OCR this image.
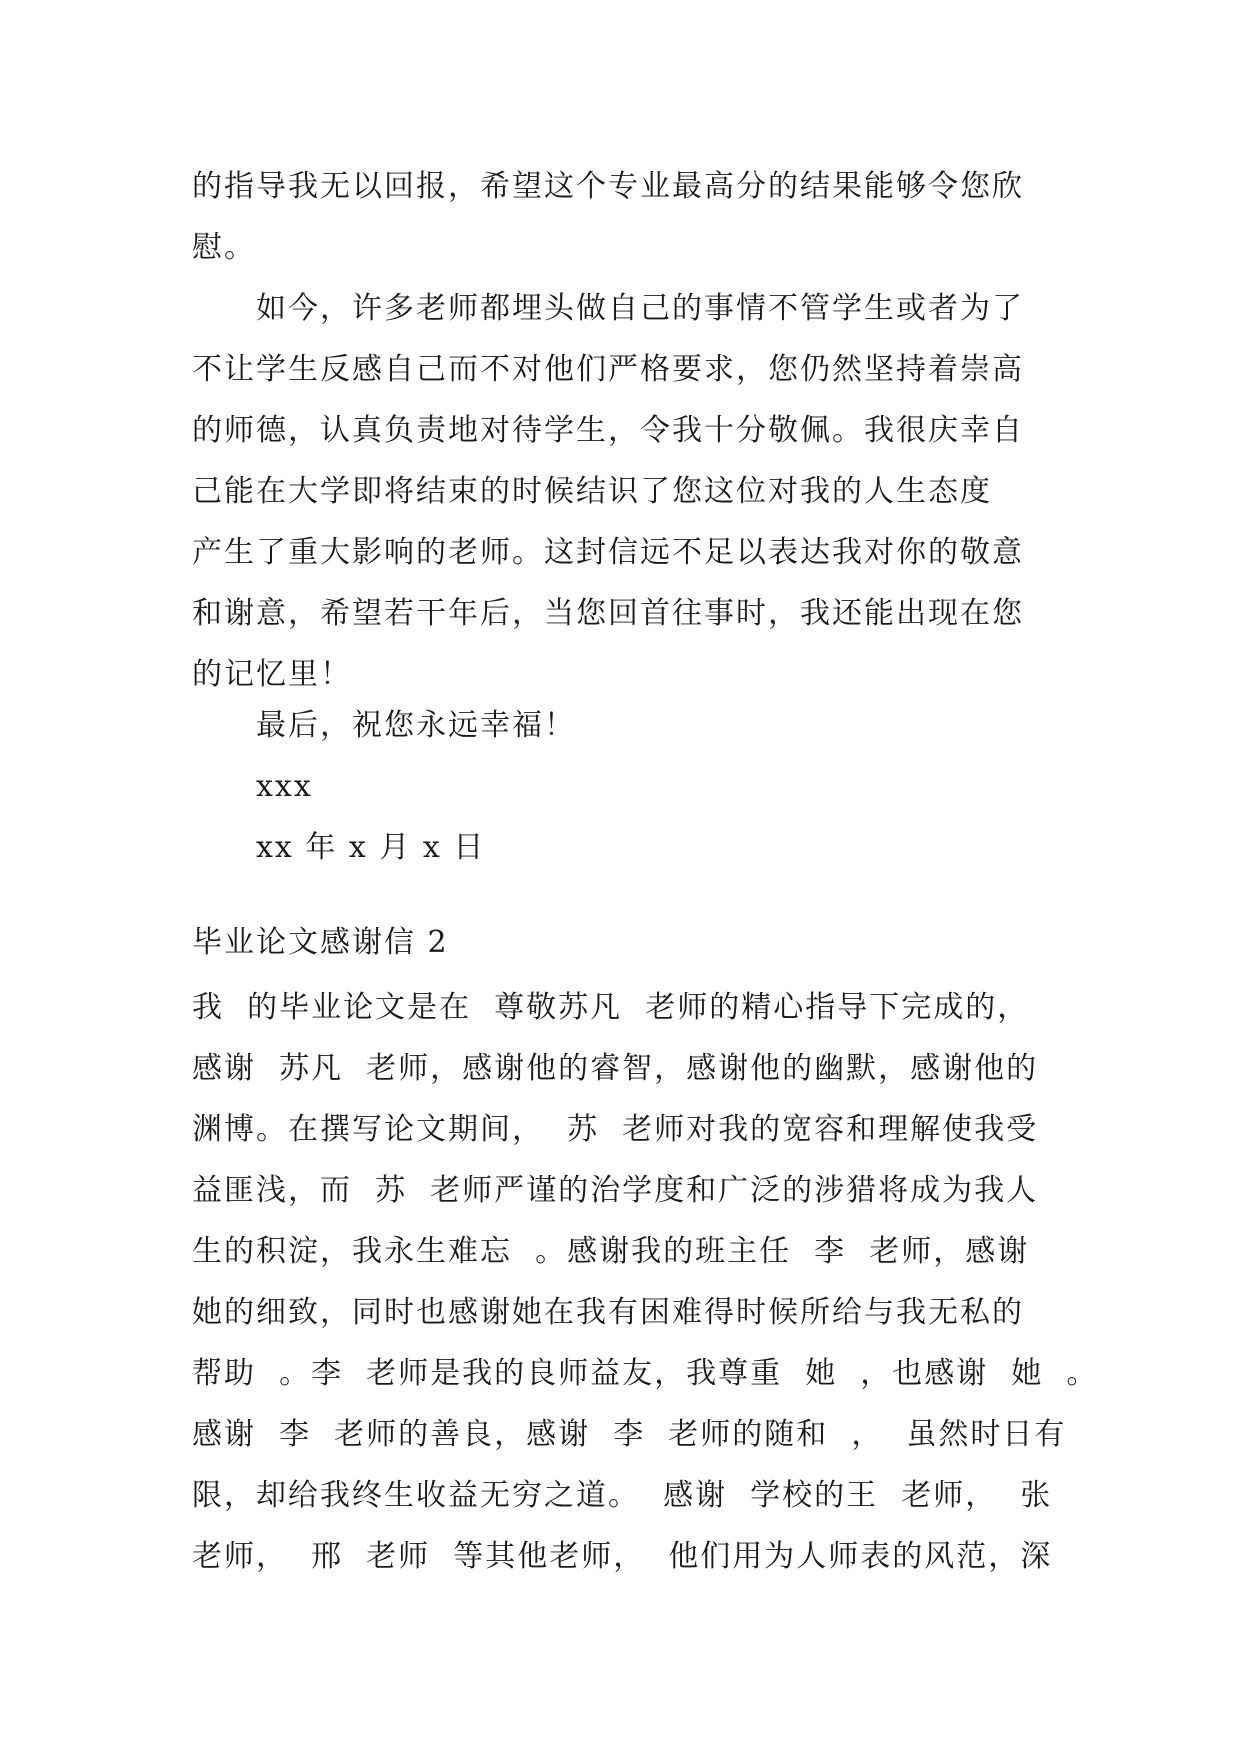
的指导我无以回报，希望这个专业最高分的结果能够令您欣
慰。
如今，许多老师都埋头做自己的事情不管学生或者为了
不让学生反感自己而不对他们严格要求，您仍然坚持着崇高
的师德，认真负责地对待学生，令我十分敬佩。我很庆幸自
己能在大学即将结束的时候结识了您这位对我的人生态度
产生了重大影响的老师。这封信远不足以表达我对你的敬意
和谢意，希望若干年后，当您回首往事时，我还能出现在您
的记忆里！
最后，祝您永远幸福！
xxx
xx 年 x 月 x 日
毕业论文感谢信 2
我  的毕业论文是在  尊敬苏凡  老师的精心指导下完成的，
感谢  苏凡  老师，感谢他的睿智，感谢他的幽默，感谢他的
渊博。在撰写论文期间，  苏  老师对我的宽容和理解使我受
益匪浅，而  苏  老师严谨的治学度和广泛的涉猎将成为我人
生的积淀，我永生难忘  。感谢我的班主任  李  老师，感谢
她的细致，同时也感谢她在我有困难得时候所给与我无私的
帮助  。李  老师是我的良师益友，我尊重  她  ，也感谢  她  。
感谢  李  老师的善良，感谢  李  老师的随和  ，  虽然时日有
限，却给我终生收益无穷之道。  感谢  学校的王  老师，  张
老师，  邢  老师  等其他老师，  他们用为人师表的风范，深
